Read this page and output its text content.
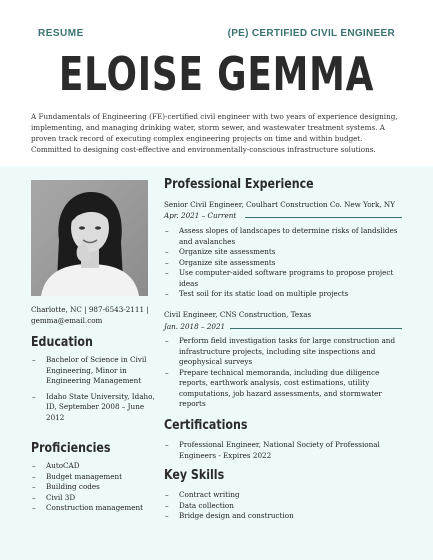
RESUME	(PE) CERTIFIED CIVIL ENGINEER
ELOISE GEMMA
A Fundamentals of Engineering (FE)-certified civil engineer with two years of experience designing, implementing, and managing drinking water, storm sewer, and wastewater treatment systems. A proven track record of executing complex engineering projects on time and within budget. Committed to designing cost-effective and environmentally-conscious infrastructure solutions.
Charlotte, NC | 987-6543-2111 |
gemma@email.com
Education
– Bachelor of Science in Civil Engineering, Minor in Engineering Management
– Idaho State University, Idaho, ID, September 2008 – June 2012
Proficiencies
– AutoCAD
– Budget management
– Building codes
– Civil 3D
– Construction management
Professional Experience
Senior Civil Engineer, Coulhart Construction Co. New York, NY
Apr. 2021 – Current
– Assess slopes of landscapes to determine risks of landslides and avalanches
– Organize site assessments
– Organize site assessments
– Use computer-aided software programs to propose project ideas
– Test soil for its static load on multiple projects
Civil Engineer, CNS Construction, Texas
Jan. 2018 – 2021
– Perform field investigation tasks for large construction and infrastructure projects, including site inspections and geophysical surveys
– Prepare technical memoranda, including due diligence reports, earthwork analysis, cost estimations, utility computations, job hazard assessments, and stormwater reports
Certifications
– Professional Engineer, National Society of Professional Engineers - Expires 2022
Key Skills
– Contract writing
– Data collection
– Bridge design and construction
